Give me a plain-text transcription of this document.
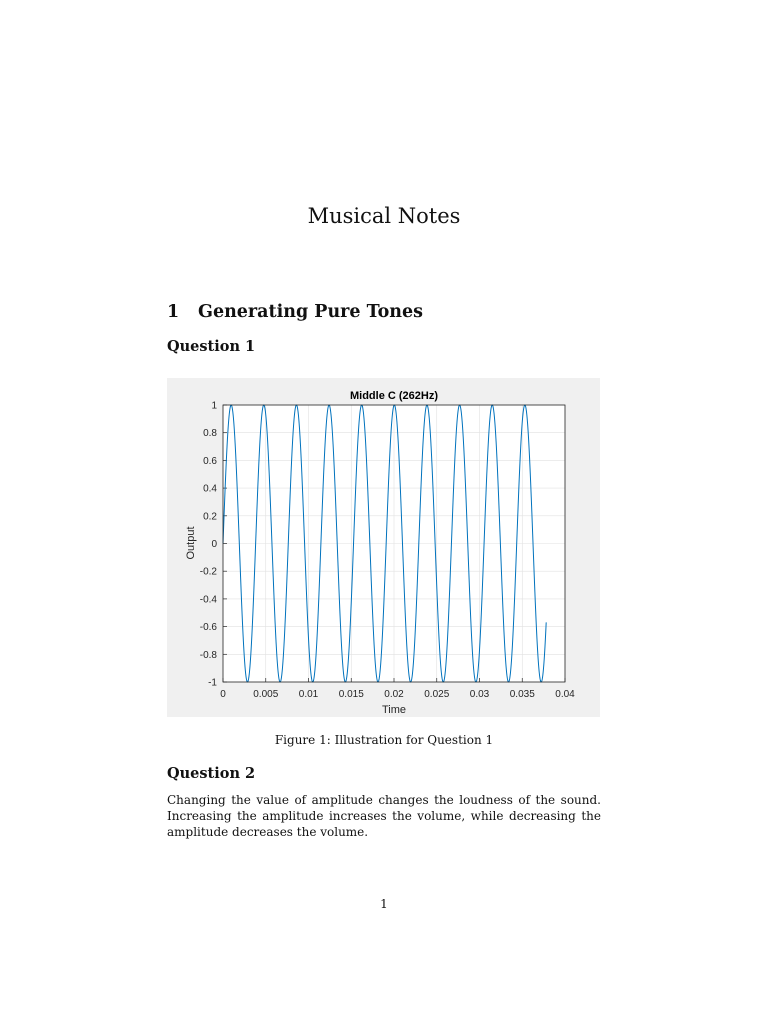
Musical Notes
1 Generating Pure Tones
Question 1
0	0.005 0.01 0.015 0.02 0.025 0.03 0.035 0.04
-1
-0.8
-0.6
-0.4
-0.2
0
0.2
0.4
0.6
0.8
1
Middle C (262Hz)
Time
Output
Figure 1: Illustration for Question 1
Question 2

Changing the value of amplitude changes the loudness of the sound. Increasing the amplitude increases the volume, while decreasing the amplitude decreases the volume.

1
